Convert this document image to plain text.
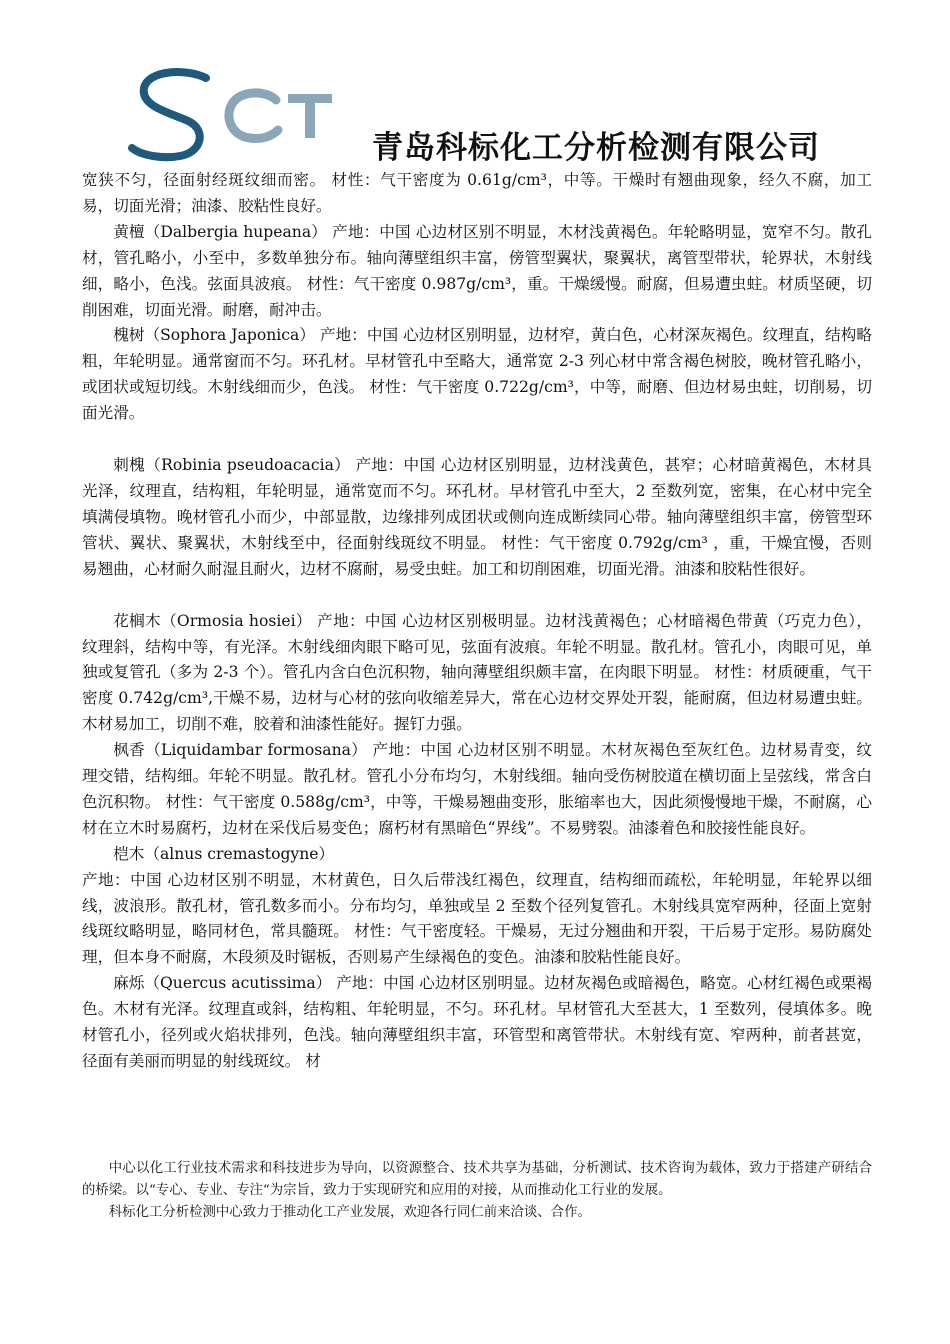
青岛科标化工分析检测有限公司

宽狭不匀，径面射经斑纹细而密。 材性：气干密度为 0.61g/cm³，中等。干燥时有翘曲现象，经久不腐，加工易，切面光滑；油漆、胶粘性良好。

黄檀（Dalbergia hupeana） 产地：中国 心边材区别不明显，木材浅黄褐色。年轮略明显，宽窄不匀。散孔材，管孔略小，小至中，多数单独分布。轴向薄壁组织丰富，傍管型翼状，聚翼状，离管型带状，轮界状，木射线细，略小，色浅。弦面具波痕。 材性：气干密度 0.987g/cm³，重。干燥缓慢。耐腐，但易遭虫蛀。材质坚硬，切削困难，切面光滑。耐磨，耐冲击。

槐树（Sophora Japonica） 产地：中国 心边材区别明显，边材窄，黄白色，心材深灰褐色。纹理直，结构略粗，年轮明显。通常窗而不匀。环孔材。早材管孔中至略大，通常宽 2-3 列心材中常含褐色树胶，晚材管孔略小，或团状或短切线。木射线细而少，色浅。 材性：气干密度 0.722g/cm³，中等，耐磨、但边材易虫蛀，切削易，切面光滑。

刺槐（Robinia pseudoacacia） 产地：中国 心边材区别明显，边材浅黄色，甚窄；心材暗黄褐色，木材具光泽，纹理直，结构粗，年轮明显，通常宽而不匀。环孔材。早材管孔中至大，2 至数列宽，密集，在心材中完全填满侵填物。晚材管孔小而少，中部显散，边缘排列成团状或侧向连成断续同心带。轴向薄壁组织丰富，傍管型环管状、翼状、聚翼状，木射线至中，径面射线斑纹不明显。 材性：气干密度 0.792g/cm³ ，重，干燥宜慢，否则易翘曲，心材耐久耐湿且耐火，边材不腐耐，易受虫蛀。加工和切削困难，切面光滑。油漆和胶粘性很好。

花榈木（Ormosia hosiei） 产地：中国 心边材区别极明显。边材浅黄褐色；心材暗褐色带黄（巧克力色），纹理斜，结构中等，有光泽。木射线细肉眼下略可见，弦面有波痕。年轮不明显。散孔材。管孔小，肉眼可见，单独或复管孔（多为 2-3 个）。管孔内含白色沉积物，轴向薄壁组织颇丰富，在肉眼下明显。 材性：材质硬重，气干密度 0.742g/cm³,干燥不易，边材与心材的弦向收缩差异大，常在心边材交界处开裂，能耐腐，但边材易遭虫蛀。木材易加工，切削不难，胶着和油漆性能好。握钉力强。

枫香（Liquidambar formosana） 产地：中国 心边材区别不明显。木材灰褐色至灰红色。边材易青变，纹理交错，结构细。年轮不明显。散孔材。管孔小分布均匀，木射线细。轴向受伤树胶道在横切面上呈弦线，常含白色沉积物。 材性：气干密度 0.588g/cm³，中等，干燥易翘曲变形，胀缩率也大，因此须慢慢地干燥，不耐腐，心材在立木时易腐朽，边材在采伐后易变色；腐朽材有黑暗色“界线”。不易劈裂。油漆着色和胶接性能良好。

桤木（alnus cremastogyne）

产地：中国 心边材区别不明显，木材黄色，日久后带浅红褐色，纹理直，结构细而疏松，年轮明显，年轮界以细线，波浪形。散孔材，管孔数多而小。分布均匀，单独或呈 2 至数个径列复管孔。木射线具宽窄两种，径面上宽射线斑纹略明显，略同材色，常具髓斑。 材性：气干密度轻。干燥易，无过分翘曲和开裂，干后易于定形。易防腐处理，但本身不耐腐，木段须及时锯板，否则易产生绿褐色的变色。油漆和胶粘性能良好。

麻烁（Quercus acutissima） 产地：中国 心边材区别明显。边材灰褐色或暗褐色，略宽。心材红褐色或栗褐色。木材有光泽。纹理直或斜，结构粗、年轮明显，不匀。环孔材。早材管孔大至甚大，1 至数列，侵填体多。晚材管孔小，径列或火焰状排列，色浅。轴向薄壁组织丰富，环管型和离管带状。木射线有宽、窄两种，前者甚宽，径面有美丽而明显的射线斑纹。 材

中心以化工行业技术需求和科技进步为导向，以资源整合、技术共享为基础，分析测试、技术咨询为载体，致力于搭建产研结合的桥梁。以“专心、专业、专注“为宗旨，致力于实现研究和应用的对接，从而推动化工行业的发展。

科标化工分析检测中心致力于推动化工产业发展，欢迎各行同仁前来洽谈、合作。
